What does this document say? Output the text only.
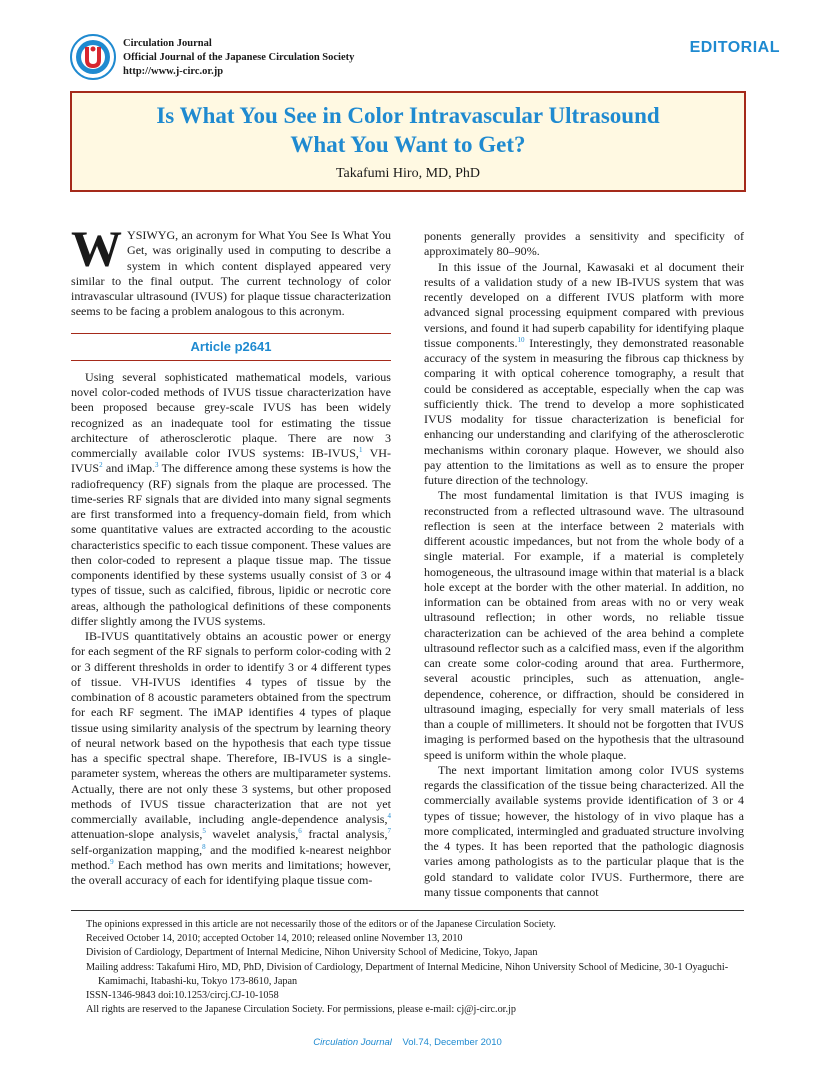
Circulation Journal
Official Journal of the Japanese Circulation Society
http://www.j-circ.or.jp
EDITORIAL
Is What You See in Color Intravascular Ultrasound
What You Want to Get?
Takafumi Hiro, MD, PhD

WYSIWYG, an acronym for What You See Is What You Get, was originally used in computing to describe a system in which content displayed appeared very similar to the final output. The current technology of color intravascular ultrasound (IVUS) for plaque tissue characterization seems to be facing a problem analogous to this acronym.

Article p2641

Using several sophisticated mathematical models, various novel color-coded methods of IVUS tissue characterization have been proposed because grey-scale IVUS has been widely recognized as an inadequate tool for estimating the tissue architecture of atherosclerotic plaque. There are now 3 commercially available color IVUS systems: IB-IVUS,$^1$ VH-IVUS$^2$ and iMap.$^3$ The difference among these systems is how the radiofrequency (RF) signals from the plaque are processed. The time-series RF signals that are divided into many signal segments are first transformed into a frequency-domain field, from which some quantitative values are extracted according to the acoustic characteristics specific to each tissue component. These values are then color-coded to represent a plaque tissue map. The tissue components identified by these systems usually consist of 3 or 4 types of tissue, such as calcified, fibrous, lipidic or necrotic core areas, although the pathological definitions of these components differ slightly among the IVUS systems.

IB-IVUS quantitatively obtains an acoustic power or energy for each segment of the RF signals to perform color-coding with 2 or 3 different thresholds in order to identify 3 or 4 different types of tissue. VH-IVUS identifies 4 types of tissue by the combination of 8 acoustic parameters obtained from the spectrum for each RF segment. The iMAP identifies 4 types of plaque tissue using similarity analysis of the spectrum by learning theory of neural network based on the hypothesis that each type tissue has a specific spectral shape. Therefore, IB-IVUS is a single-parameter system, whereas the others are multiparameter systems. Actually, there are not only these 3 systems, but other proposed methods of IVUS tissue characterization that are not yet commercially available, including angle-dependence analysis,$^4$ attenuation-slope analysis,$^5$ wavelet analysis,$^6$ fractal analysis,$^7$ self-organization mapping,$^8$ and the modified k-nearest neighbor method.$^9$ Each method has own merits and limitations; however, the overall accuracy of each for identifying plaque tissue com-

ponents generally provides a sensitivity and specificity of approximately 80–90%.

In this issue of the Journal, Kawasaki et al document their results of a validation study of a new IB-IVUS system that was recently developed on a different IVUS platform with more advanced signal processing equipment compared with previous versions, and found it had superb capability for identifying plaque tissue components.$^{10}$ Interestingly, they demonstrated reasonable accuracy of the system in measuring the fibrous cap thickness by comparing it with optical coherence tomography, a result that could be considered as acceptable, especially when the cap was sufficiently thick. The trend to develop a more sophisticated IVUS modality for tissue characterization is beneficial for enhancing our understanding and clarifying of the atherosclerotic mechanisms within coronary plaque. However, we should also pay attention to the limitations as well as to ensure the proper future direction of the technology.

The most fundamental limitation is that IVUS imaging is reconstructed from a reflected ultrasound wave. The ultrasound reflection is seen at the interface between 2 materials with different acoustic impedances, but not from the whole body of a single material. For example, if a material is completely homogeneous, the ultrasound image within that material is a black hole except at the border with the other material. In addition, no information can be obtained from areas with no or very weak ultrasound reflection; in other words, no reliable tissue characterization can be achieved of the area behind a complete ultrasound reflector such as a calcified mass, even if the algorithm can create some color-coding around that area. Furthermore, several acoustic principles, such as attenuation, angle-dependence, coherence, or diffraction, should be considered in ultrasound imaging, especially for very small materials of less than a couple of millimeters. It should not be forgotten that IVUS imaging is performed based on the hypothesis that the ultrasound speed is uniform within the whole plaque.

The next important limitation among color IVUS systems regards the classification of the tissue being characterized. All the commercially available systems provide identification of 3 or 4 types of tissue; however, the histology of in vivo plaque has a more complicated, intermingled and graduated structure involving the 4 types. It has been reported that the pathologic diagnosis varies among pathologists as to the particular plaque that is the gold standard to validate color IVUS. Furthermore, there are many tissue components that cannot

The opinions expressed in this article are not necessarily those of the editors or of the Japanese Circulation Society.
Received October 14, 2010; accepted October 14, 2010; released online November 13, 2010
Division of Cardiology, Department of Internal Medicine, Nihon University School of Medicine, Tokyo, Japan
Mailing address: Takafumi Hiro, MD, PhD, Division of Cardiology, Department of Internal Medicine, Nihon University School of Medicine, 30-1 Oyaguchi-Kamimachi, Itabashi-ku, Tokyo 173-8610, Japan
ISSN-1346-9843 doi:10.1253/circj.CJ-10-1058
All rights are reserved to the Japanese Circulation Society. For permissions, please e-mail: cj@j-circ.or.jp
Circulation Journal Vol.74, December 2010
